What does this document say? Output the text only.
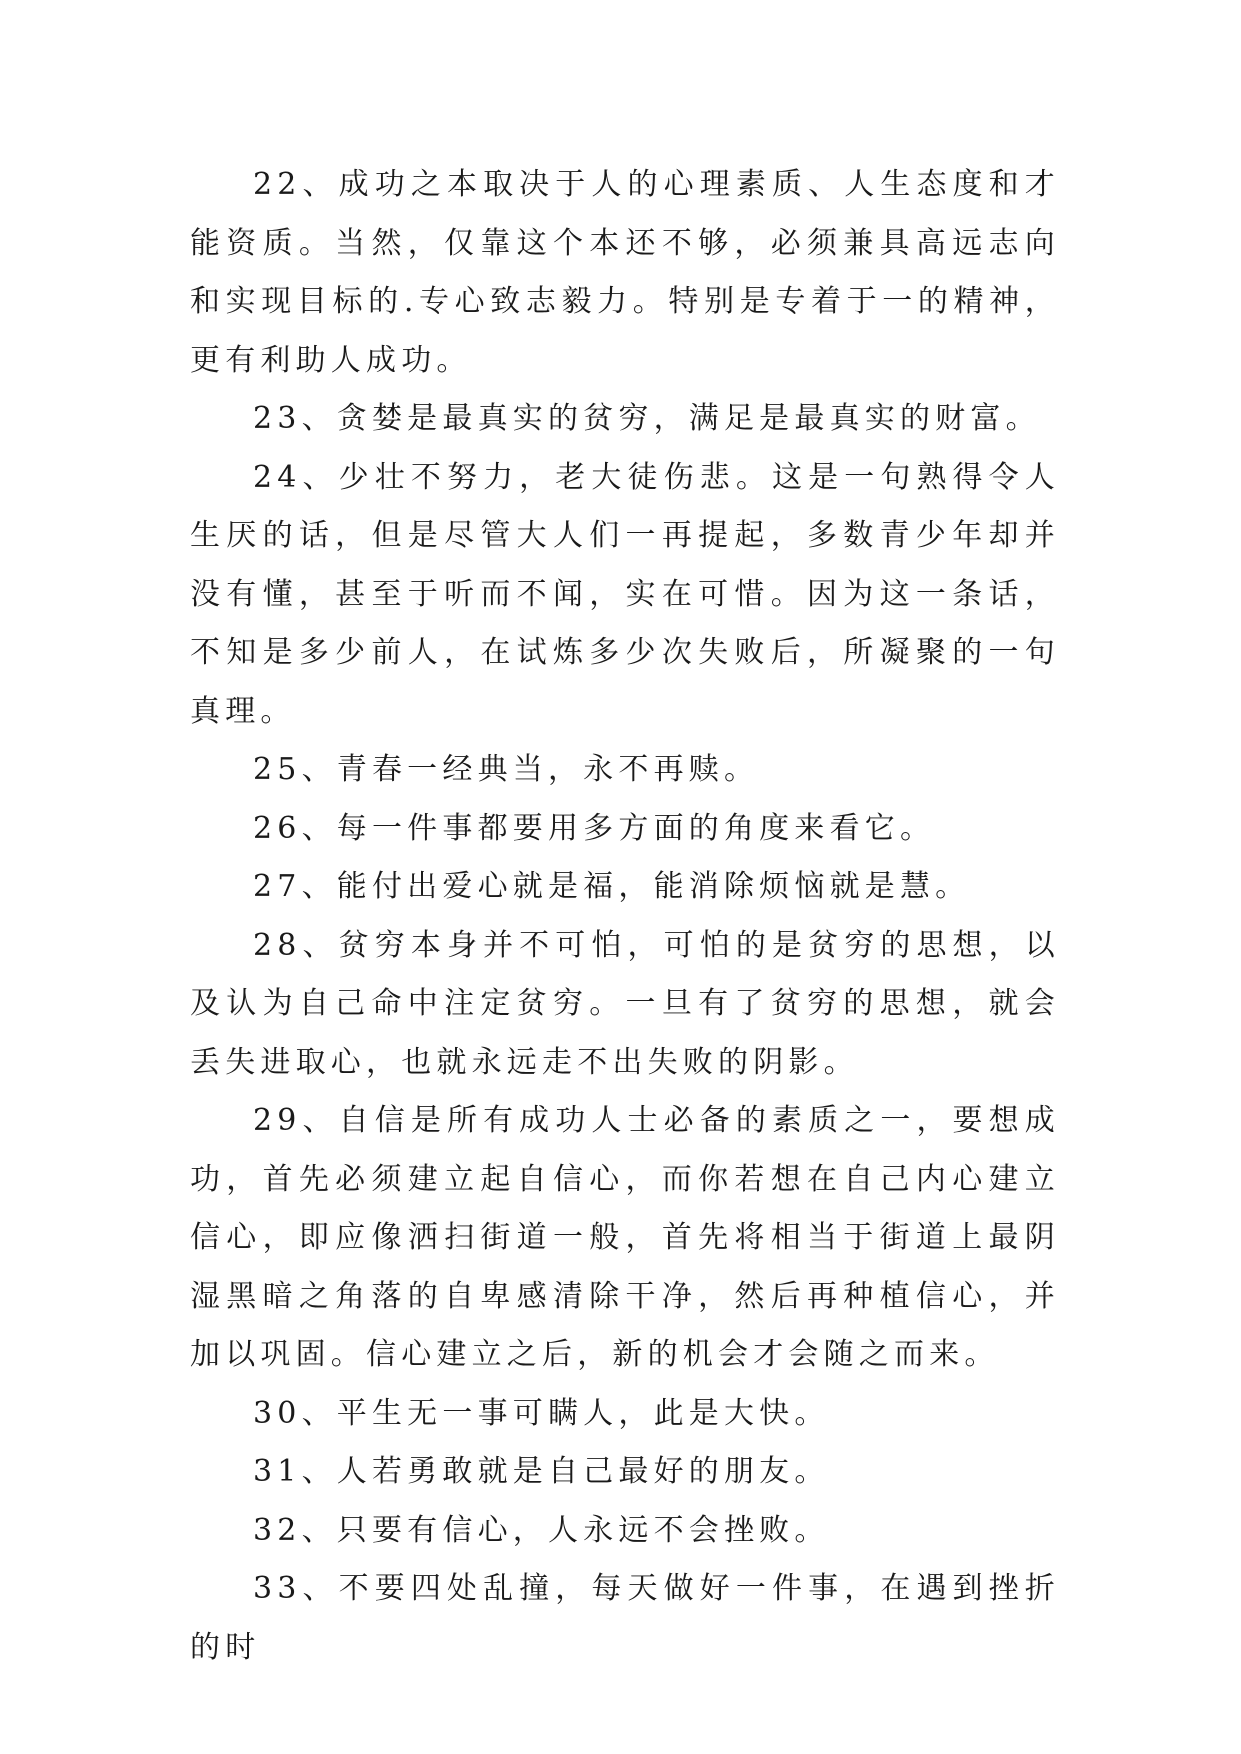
22、成功之本取决于人的心理素质、人生态度和才能资质。当然，仅靠这个本还不够，必须兼具高远志向和实现目标的.专心致志毅力。特别是专着于一的精神，更有利助人成功。

23、贪婪是最真实的贫穷，满足是最真实的财富。

24、少壮不努力，老大徒伤悲。这是一句熟得令人生厌的话，但是尽管大人们一再提起，多数青少年却并没有懂，甚至于听而不闻，实在可惜。因为这一条话，不知是多少前人，在试炼多少次失败后，所凝聚的一句真理。

25、青春一经典当，永不再赎。

26、每一件事都要用多方面的角度来看它。

27、能付出爱心就是福，能消除烦恼就是慧。

28、贫穷本身并不可怕，可怕的是贫穷的思想，以及认为自己命中注定贫穷。一旦有了贫穷的思想，就会丢失进取心，也就永远走不出失败的阴影。

29、自信是所有成功人士必备的素质之一，要想成功，首先必须建立起自信心，而你若想在自己内心建立信心，即应像洒扫街道一般，首先将相当于街道上最阴湿黑暗之角落的自卑感清除干净，然后再种植信心，并加以巩固。信心建立之后，新的机会才会随之而来。

30、平生无一事可瞒人，此是大快。

31、人若勇敢就是自己最好的朋友。

32、只要有信心，人永远不会挫败。

33、不要四处乱撞，每天做好一件事，在遇到挫折的时
